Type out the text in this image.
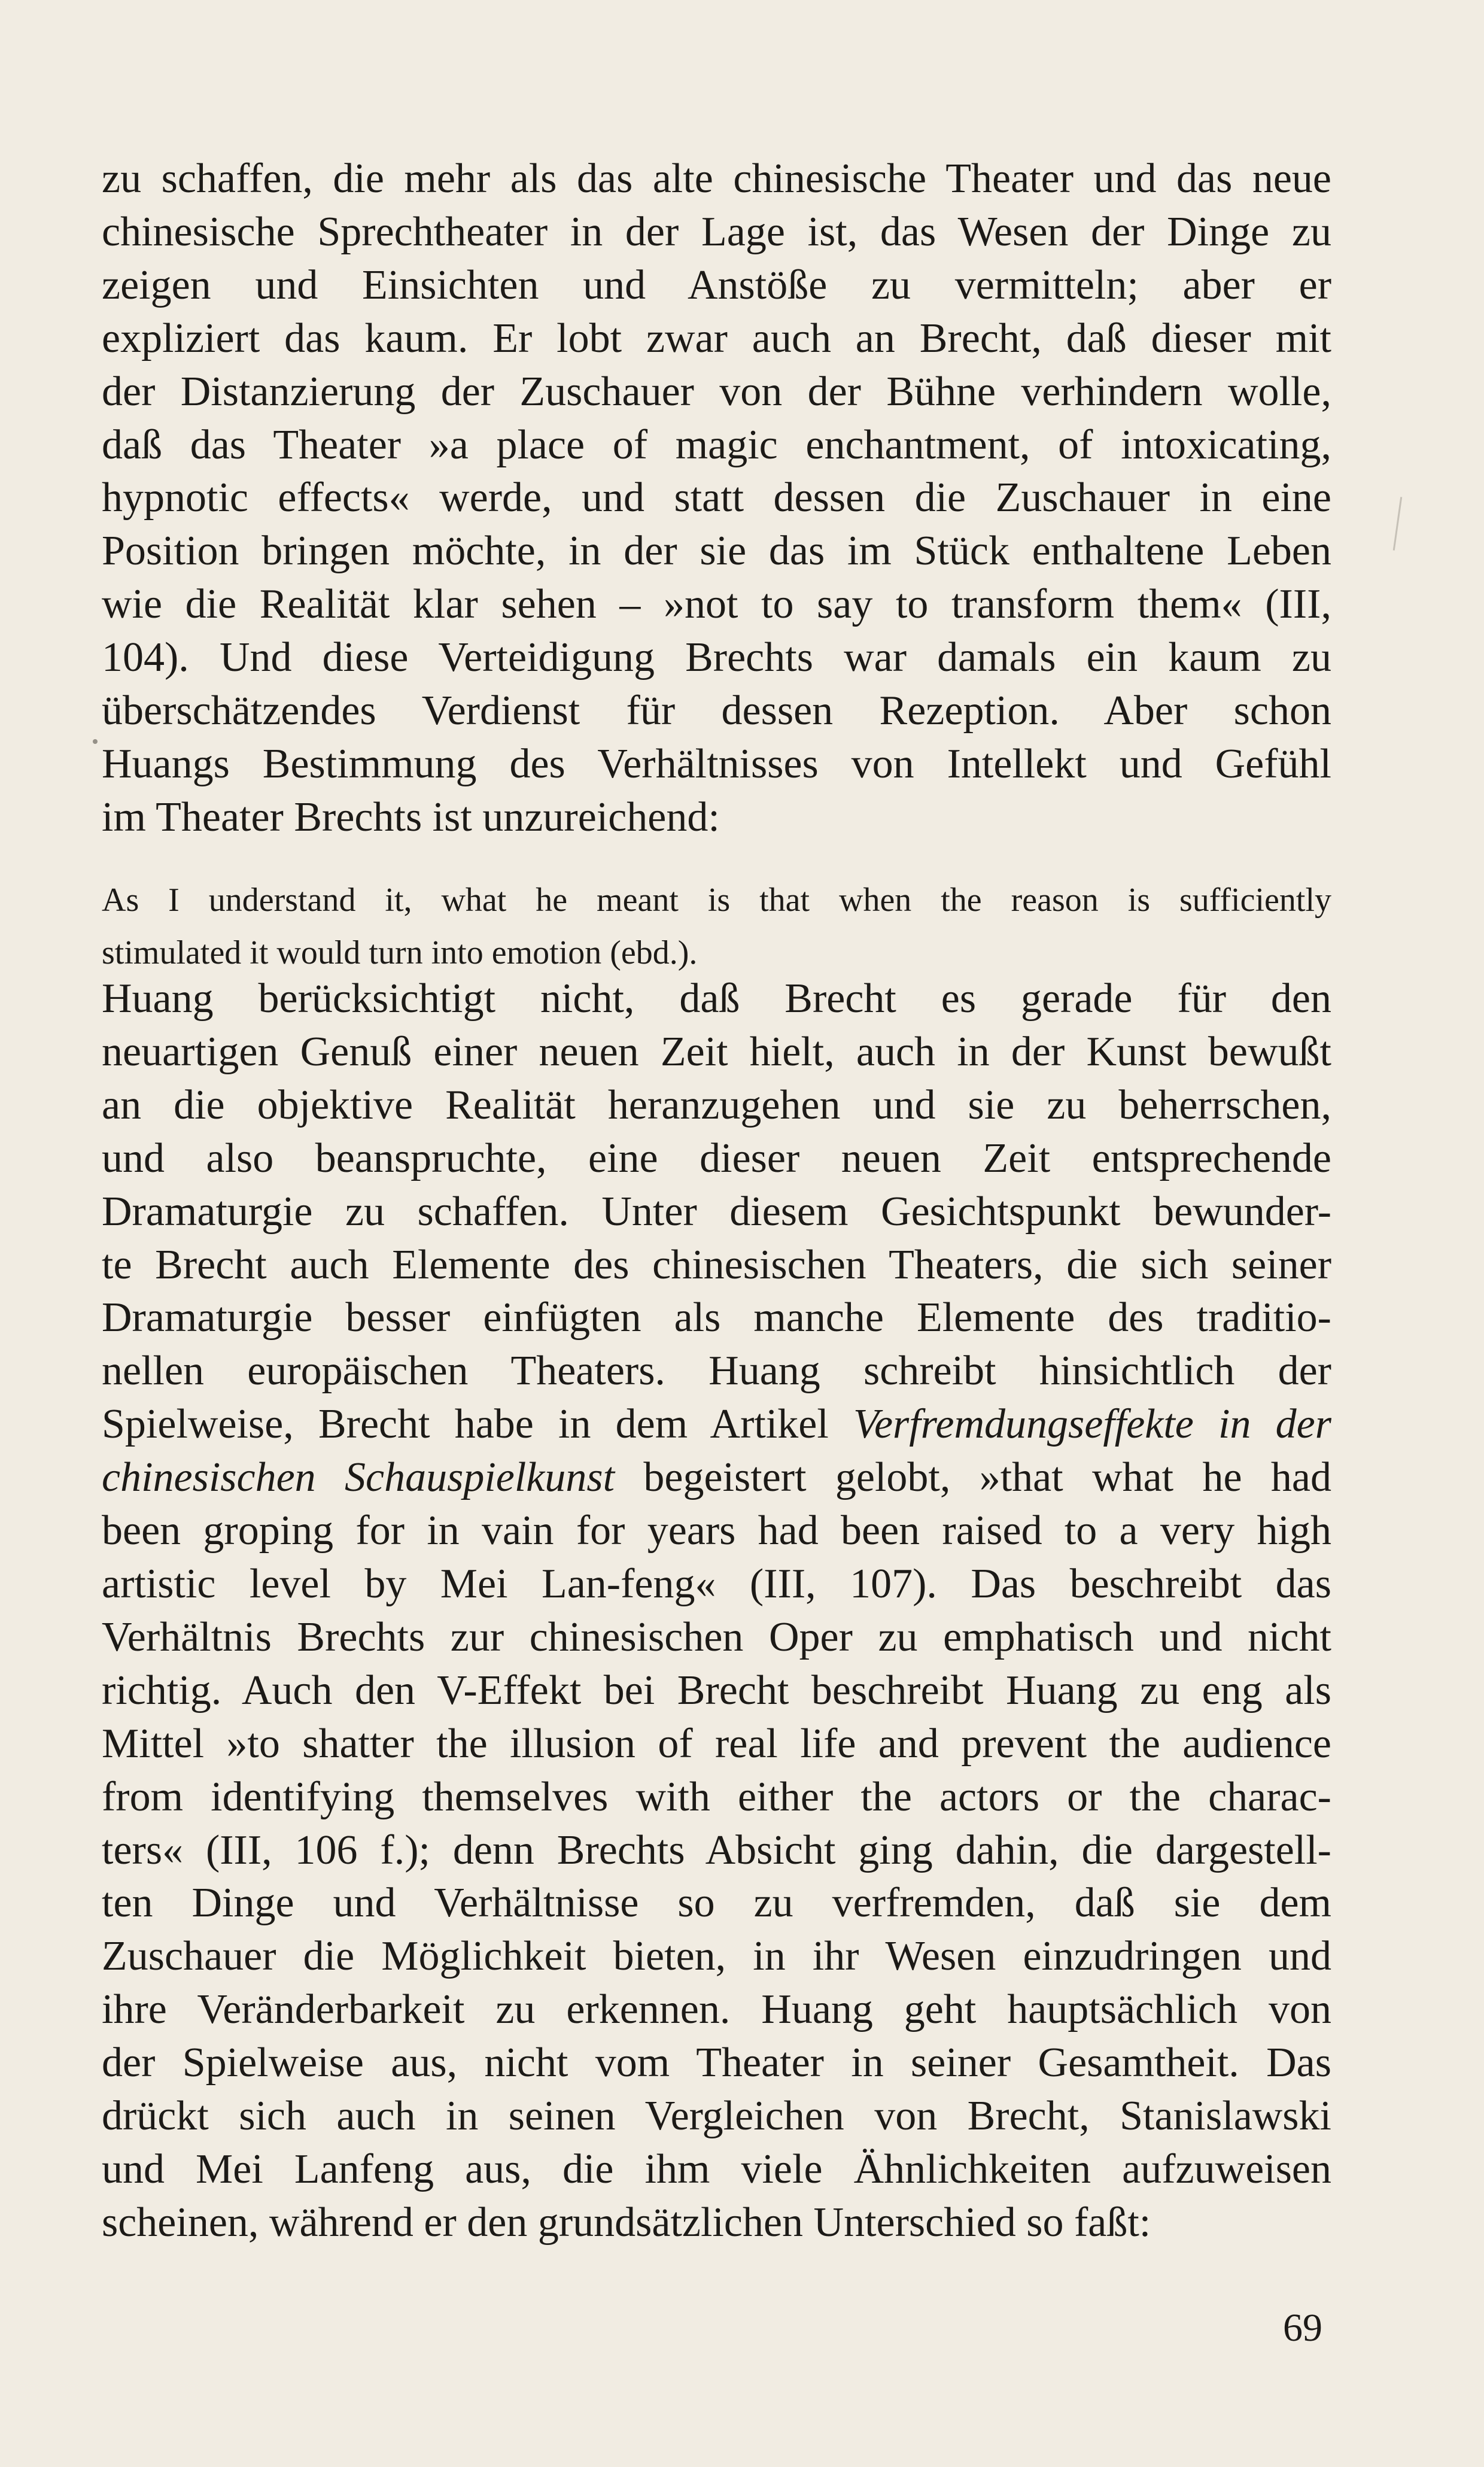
zu schaffen, die mehr als das alte chinesische Theater und das neue
chinesische Sprechtheater in der Lage ist, das Wesen der Dinge zu
zeigen und Einsichten und Anstöße zu vermitteln; aber er
expliziert das kaum. Er lobt zwar auch an Brecht, daß dieser mit
der Distanzierung der Zuschauer von der Bühne verhindern wolle,
daß das Theater »a place of magic enchantment, of intoxicating,
hypnotic effects« werde, und statt dessen die Zuschauer in eine
Position bringen möchte, in der sie das im Stück enthaltene Leben
wie die Realität klar sehen – »not to say to transform them« (III,
104). Und diese Verteidigung Brechts war damals ein kaum zu
überschätzendes Verdienst für dessen Rezeption. Aber schon
Huangs Bestimmung des Verhältnisses von Intellekt und Gefühl
im Theater Brechts ist unzureichend:

As I understand it, what he meant is that when the reason is sufficiently
stimulated it would turn into emotion (ebd.).

Huang berücksichtigt nicht, daß Brecht es gerade für den
neuartigen Genuß einer neuen Zeit hielt, auch in der Kunst bewußt
an die objektive Realität heranzugehen und sie zu beherrschen,
und also beanspruchte, eine dieser neuen Zeit entsprechende
Dramaturgie zu schaffen. Unter diesem Gesichtspunkt bewunder-
te Brecht auch Elemente des chinesischen Theaters, die sich seiner
Dramaturgie besser einfügten als manche Elemente des traditio-
nellen europäischen Theaters. Huang schreibt hinsichtlich der
Spielweise, Brecht habe in dem Artikel Verfremdungseffekte in der
chinesischen Schauspielkunst begeistert gelobt, »that what he had
been groping for in vain for years had been raised to a very high
artistic level by Mei Lan-feng« (III, 107). Das beschreibt das
Verhältnis Brechts zur chinesischen Oper zu emphatisch und nicht
richtig. Auch den V-Effekt bei Brecht beschreibt Huang zu eng als
Mittel »to shatter the illusion of real life and prevent the audience
from identifying themselves with either the actors or the charac-
ters« (III, 106 f.); denn Brechts Absicht ging dahin, die dargestell-
ten Dinge und Verhältnisse so zu verfremden, daß sie dem
Zuschauer die Möglichkeit bieten, in ihr Wesen einzudringen und
ihre Veränderbarkeit zu erkennen. Huang geht hauptsächlich von
der Spielweise aus, nicht vom Theater in seiner Gesamtheit. Das
drückt sich auch in seinen Vergleichen von Brecht, Stanislawski
und Mei Lanfeng aus, die ihm viele Ähnlichkeiten aufzuweisen
scheinen, während er den grundsätzlichen Unterschied so faßt:

69
